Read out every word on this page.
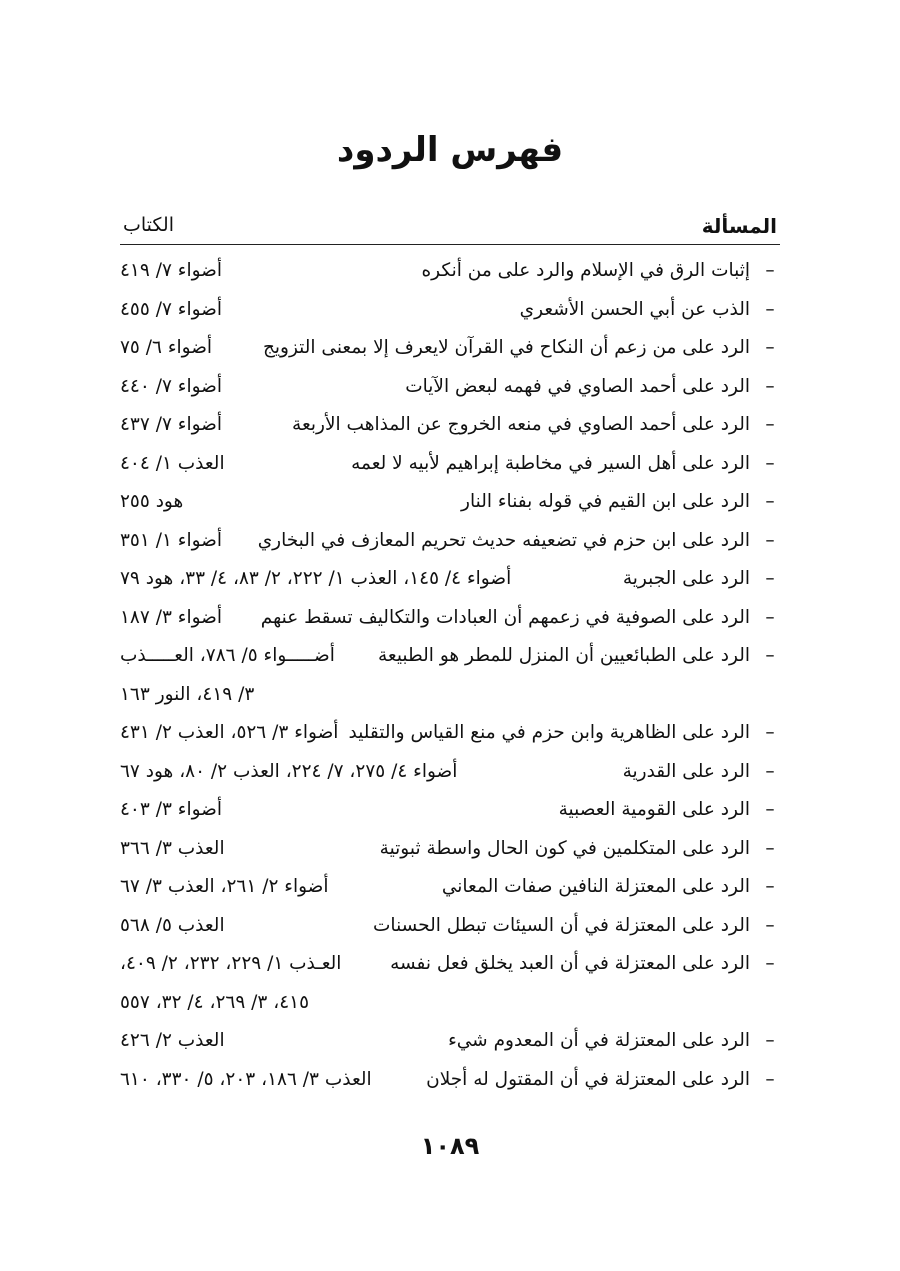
فهرس الردود
المسألة
الكتاب
–
إثبات الرق في الإسلام والرد على من أنكره
أضواء ٧/ ٤١٩
–
الذب عن أبي الحسن الأشعري
أضواء ٧/ ٤٥٥
–
الرد على من زعم أن النكاح في القرآن لايعرف إلا بمعنى التزويج
أضواء ٦/ ٧٥
–
الرد على أحمد الصاوي في فهمه لبعض الآيات
أضواء ٧/ ٤٤٠
–
الرد على أحمد الصاوي في منعه الخروج عن المذاهب الأربعة
أضواء ٧/ ٤٣٧
–
الرد على أهل السير في مخاطبة إبراهيم لأبيه لا لعمه
العذب ١/ ٤٠٤
–
الرد على ابن القيم في قوله بفناء النار
هود ٢٥٥
–
الرد على ابن حزم في تضعيفه حديث تحريم المعازف في البخاري
أضواء ١/ ٣٥١
–
الرد على الجبرية
أضواء ٤/ ١٤٥، العذب ١/ ٢٢٢، ٢/ ٨٣، ٤/ ٣٣، هود ٧٩
–
الرد على الصوفية في زعمهم أن العبادات والتكاليف تسقط عنهم
أضواء ٣/ ١٨٧
–
الرد على الطبائعيين أن المنزل للمطر هو الطبيعة
أضـــــواء ٥/ ٧٨٦، العـــــذب
٣/ ٤١٩، النور ١٦٣
–
الرد على الظاهرية وابن حزم في منع القياس والتقليد
أضواء ٣/ ٥٢٦، العذب ٢/ ٤٣١
–
الرد على القدرية
أضواء ٤/ ٢٧٥، ٧/ ٢٢٤، العذب ٢/ ٨٠، هود ٦٧
–
الرد على القومية العصبية
أضواء ٣/ ٤٠٣
–
الرد على المتكلمين في كون الحال واسطة ثبوتية
العذب ٣/ ٣٦٦
–
الرد على المعتزلة النافين صفات المعاني
أضواء ٢/ ٢٦١، العذب ٣/ ٦٧
–
الرد على المعتزلة في أن السيئات تبطل الحسنات
العذب ٥/ ٥٦٨
–
الرد على المعتزلة في أن العبد يخلق فعل نفسه
العـذب ١/ ٢٢٩، ٢٣٢، ٢/ ٤٠٩،
٤١٥، ٣/ ٢٦٩، ٤/ ٣٢، ٥٥٧
–
الرد على المعتزلة في أن المعدوم شيء
العذب ٢/ ٤٢٦
–
الرد على المعتزلة في أن المقتول له أجلان
العذب ٣/ ١٨٦، ٢٠٣، ٥/ ٣٣٠، ٦١٠
١٠٨٩
